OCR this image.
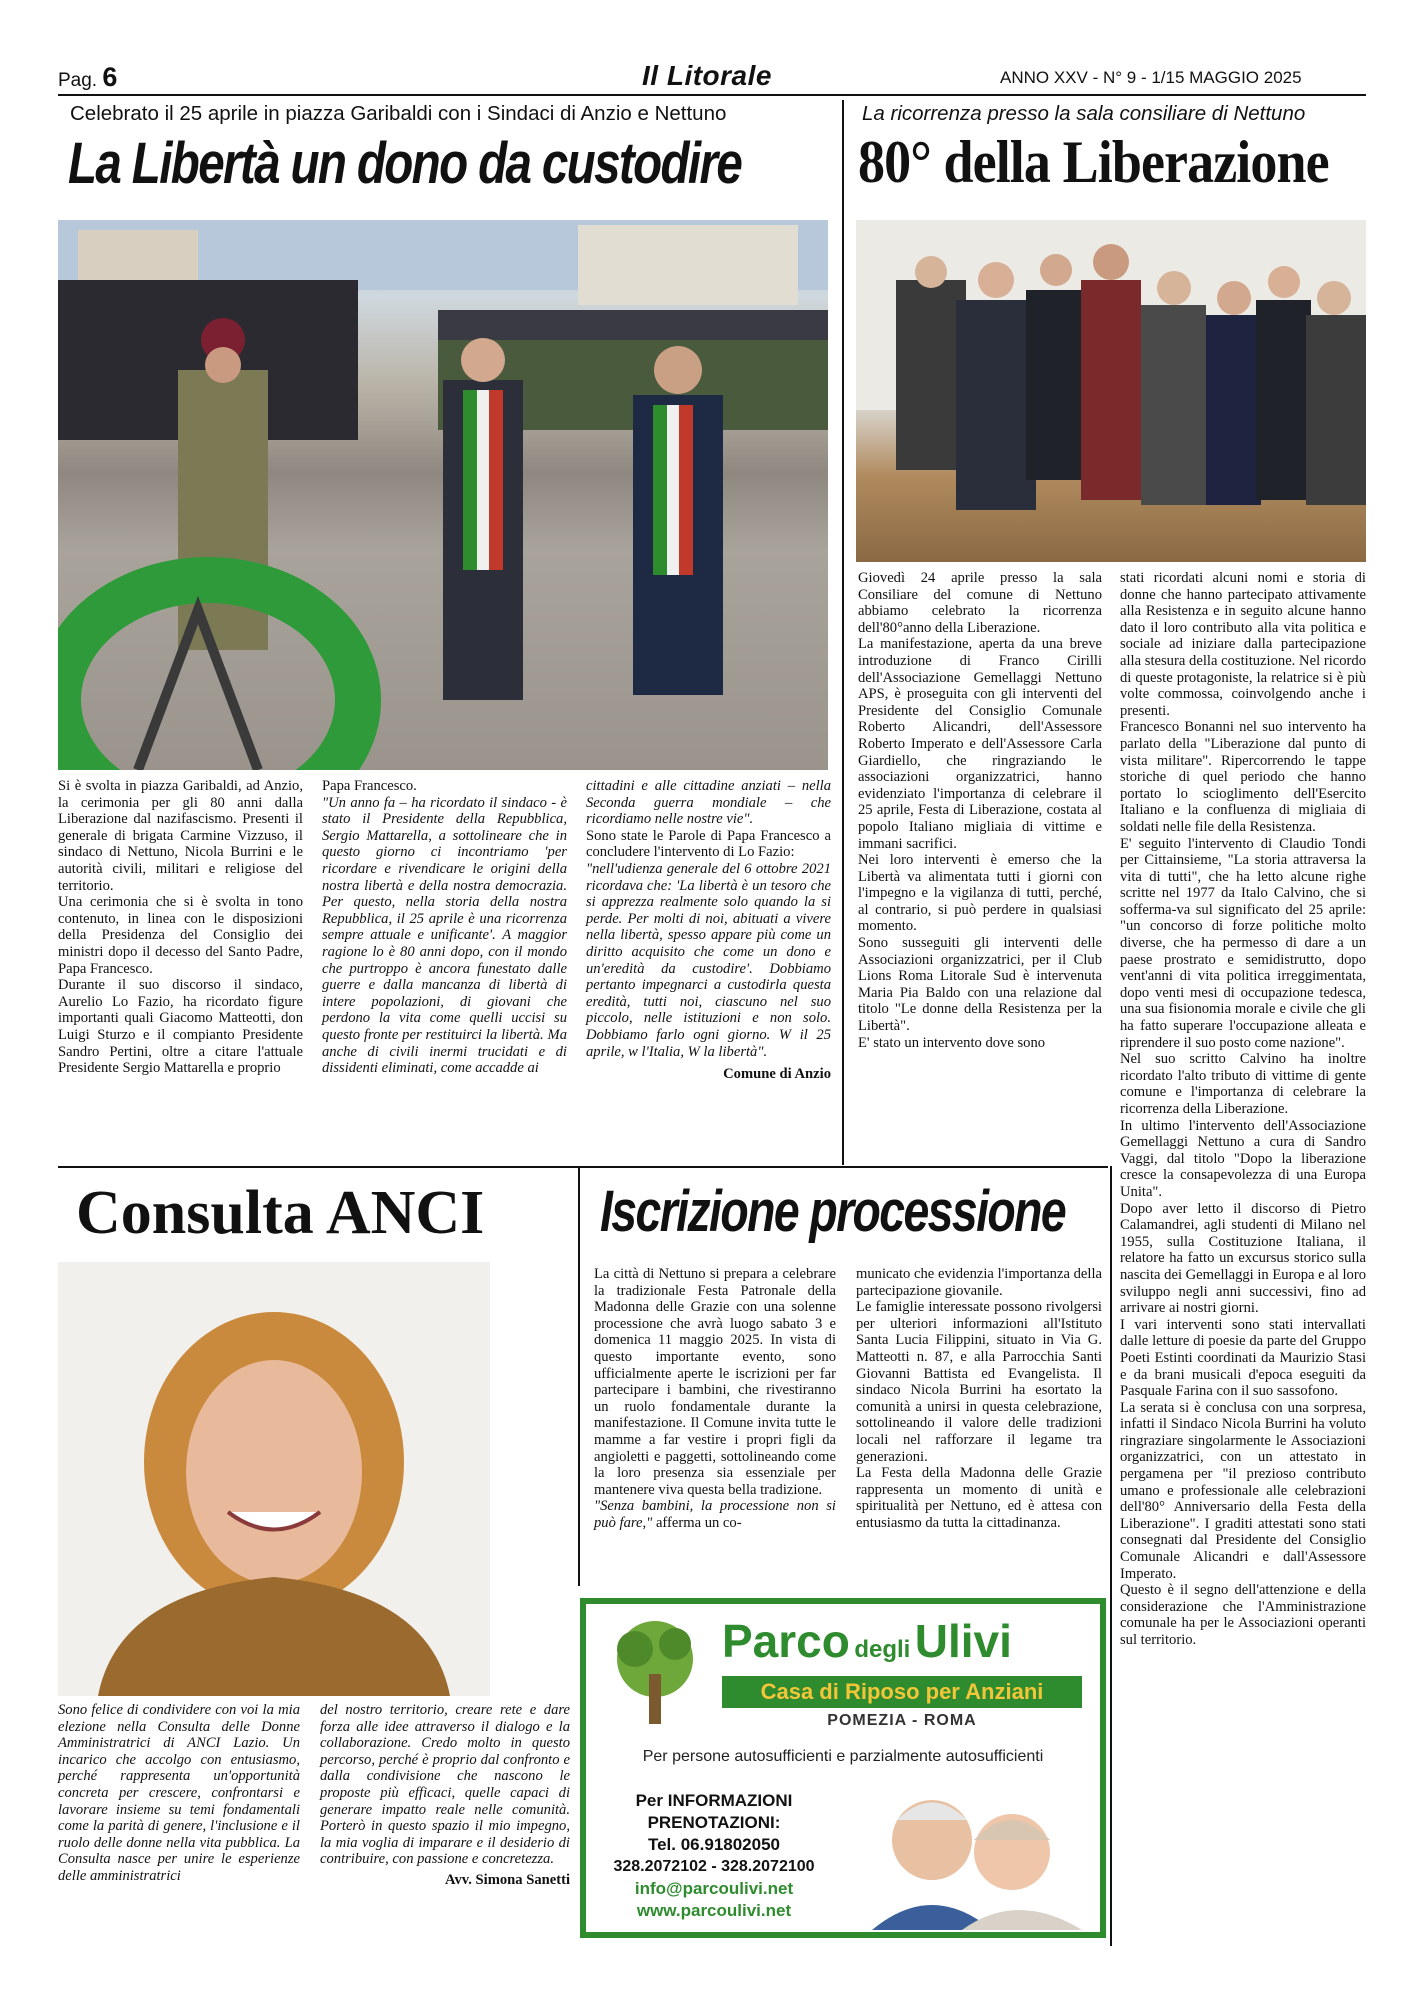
Pag. 6	Il Litorale	ANNO XXV - N° 9 - 1/15 MAGGIO 2025
Celebrato il 25 aprile in piazza Garibaldi con i Sindaci di Anzio e Nettuno
La Libertà un dono da custodire

Si è svolta in piazza Garibaldi, ad Anzio, la cerimonia per gli 80 anni dalla Liberazione dal nazifascismo. Presenti il generale di brigata Carmine Vizzuso, il sindaco di Nettuno, Nicola Burrini e le autorità civili, militari e religiose del territorio.

Una cerimonia che si è svolta in tono contenuto, in linea con le disposizioni della Presidenza del Consiglio dei ministri dopo il decesso del Santo Padre, Papa Francesco.

Durante il suo discorso il sindaco, Aurelio Lo Fazio, ha ricordato figure importanti quali Giacomo Matteotti, don Luigi Sturzo e il compianto Presidente Sandro Pertini, oltre a citare l'attuale Presidente Sergio Mattarella e proprio

Papa Francesco.

"Un anno fa – ha ricordato il sindaco - è stato il Presidente della Repubblica, Sergio Mattarella, a sottolineare che in questo giorno ci incontriamo 'per ricordare e rivendicare le origini della nostra libertà e della nostra democrazia. Per questo, nella storia della nostra Repubblica, il 25 aprile è una ricorrenza sempre attuale e unificante'. A maggior ragione lo è 80 anni dopo, con il mondo che purtroppo è ancora funestato dalle guerre e dalla mancanza di libertà di intere popolazioni, di giovani che perdono la vita come quelli uccisi su questo fronte per restituirci la libertà. Ma anche di civili inermi trucidati e di dissidenti eliminati, come accadde ai

cittadini e alle cittadine anziati – nella Seconda guerra mondiale – che ricordiamo nelle nostre vie".

Sono state le Parole di Papa Francesco a concludere l'intervento di Lo Fazio:

"nell'udienza generale del 6 ottobre 2021 ricordava che: 'La libertà è un tesoro che si apprezza realmente solo quando la si perde. Per molti di noi, abituati a vivere nella libertà, spesso appare più come un diritto acquisito che come un dono e un'eredità da custodire'. Dobbiamo pertanto impegnarci a custodirla questa eredità, tutti noi, ciascuno nel suo piccolo, nelle istituzioni e non solo. Dobbiamo farlo ogni giorno. W il 25 aprile, w l'Italia, W la libertà".

Comune di Anzio

La ricorrenza presso la sala consiliare di Nettuno
80° della Liberazione

Giovedì 24 aprile presso la sala Consiliare del comune di Nettuno abbiamo celebrato la ricorrenza dell'80°anno della Liberazione.

La manifestazione, aperta da una breve introduzione di Franco Cirilli dell'Associazione Gemellaggi Nettuno APS, è proseguita con gli interventi del Presidente del Consiglio Comunale Roberto Alicandri, dell'Assessore Roberto Imperato e dell'Assessore Carla Giardiello, che ringraziando le associazioni organizzatrici, hanno evidenziato l'importanza di celebrare il 25 aprile, Festa di Liberazione, costata al popolo Italiano migliaia di vittime e immani sacrifici.

Nei loro interventi è emerso che la Libertà va alimentata tutti i giorni con l'impegno e la vigilanza di tutti, perché, al contrario, si può perdere in qualsiasi momento.

Sono susseguiti gli interventi delle Associazioni organizzatrici, per il Club Lions Roma Litorale Sud è intervenuta Maria Pia Baldo con una relazione dal titolo "Le donne della Resistenza per la Libertà".

E' stato un intervento dove sono

stati ricordati alcuni nomi e storia di donne che hanno partecipato attivamente alla Resistenza e in seguito alcune hanno dato il loro contributo alla vita politica e sociale ad iniziare dalla partecipazione alla stesura della costituzione. Nel ricordo di queste protagoniste, la relatrice si è più volte commossa, coinvolgendo anche i presenti.

Francesco Bonanni nel suo intervento ha parlato della "Liberazione dal punto di vista militare". Ripercorrendo le tappe storiche di quel periodo che hanno portato lo scioglimento dell'Esercito Italiano e la confluenza di migliaia di soldati nelle file della Resistenza.

E' seguito l'intervento di Claudio Tondi per Cittainsieme, "La storia attraversa la vita di tutti", che ha letto alcune righe scritte nel 1977 da Italo Calvino, che si sofferma-va sul significato del 25 aprile: "un concorso di forze politiche molto diverse, che ha permesso di dare a un paese prostrato e semidistrutto, dopo vent'anni di vita politica irreggimentata, dopo venti mesi di occupazione tedesca, una sua fisionomia morale e civile che gli ha fatto superare l'occupazione alleata e riprendere il suo posto come nazione".

Nel suo scritto Calvino ha inoltre ricordato l'alto tributo di vittime di gente comune e l'importanza di celebrare la ricorrenza della Liberazione.

In ultimo l'intervento dell'Associazione Gemellaggi Nettuno a cura di Sandro Vaggi, dal titolo "Dopo la liberazione cresce la consapevolezza di una Europa Unita".

Dopo aver letto il discorso di Pietro Calamandrei, agli studenti di Milano nel 1955, sulla Costituzione Italiana, il relatore ha fatto un excursus storico sulla nascita dei Gemellaggi in Europa e al loro sviluppo negli anni successivi, fino ad arrivare ai nostri giorni.

I vari interventi sono stati intervallati dalle letture di poesie da parte del Gruppo Poeti Estinti coordinati da Maurizio Stasi e da brani musicali d'epoca eseguiti da Pasquale Farina con il suo sassofono.

La serata si è conclusa con una sorpresa, infatti il Sindaco Nicola Burrini ha voluto ringraziare singolarmente le Associazioni organizzatrici, con un attestato in pergamena per "il prezioso contributo umano e professionale alle celebrazioni dell'80° Anniversario della Festa della Liberazione". I graditi attestati sono stati consegnati dal Presidente del Consiglio Comunale Alicandri e dall'Assessore Imperato.

Questo è il segno dell'attenzione e della considerazione che l'Amministrazione comunale ha per le Associazioni operanti sul territorio.

Consulta ANCI
Sono felice di condividere con voi la mia elezione nella Consulta delle Donne Amministratrici di ANCI Lazio. Un incarico che accolgo con entusiasmo, perché rappresenta un'opportunità concreta per crescere, confrontarsi e lavorare insieme su temi fondamentali come la parità di genere, l'inclusione e il ruolo delle donne nella vita pubblica. La Consulta nasce per unire le esperienze delle amministratrici

del nostro territorio, creare rete e dare forza alle idee attraverso il dialogo e la collaborazione. Credo molto in questo percorso, perché è proprio dal confronto e dalla condivisione che nascono le proposte più efficaci, quelle capaci di generare impatto reale nelle comunità. Porterò in questo spazio il mio impegno, la mia voglia di imparare e il desiderio di contribuire, con passione e concretezza.

Avv. Simona Sanetti

Iscrizione processione

La città di Nettuno si prepara a celebrare la tradizionale Festa Patronale della Madonna delle Grazie con una solenne processione che avrà luogo sabato 3 e domenica 11 maggio 2025. In vista di questo importante evento, sono ufficialmente aperte le iscrizioni per far partecipare i bambini, che rivestiranno un ruolo fondamentale durante la manifestazione. Il Comune invita tutte le mamme a far vestire i propri figli da angioletti e paggetti, sottolineando come la loro presenza sia essenziale per mantenere viva questa bella tradizione.

"Senza bambini, la processione non si può fare," afferma un co-

municato che evidenzia l'importanza della partecipazione giovanile.

Le famiglie interessate possono rivolgersi per ulteriori informazioni all'Istituto Santa Lucia Filippini, situato in Via G. Matteotti n. 87, e alla Parrocchia Santi Giovanni Battista ed Evangelista. Il sindaco Nicola Burrini ha esortato la comunità a unirsi in questa celebrazione, sottolineando il valore delle tradizioni locali nel rafforzare il legame tra generazioni.

La Festa della Madonna delle Grazie rappresenta un momento di unità e spiritualità per Nettuno, ed è attesa con entusiasmo da tutta la cittadinanza.

Parco degli Ulivi
Casa di Riposo per Anziani
POMEZIA - ROMA
Per persone autosufficienti e parzialmente autosufficienti
Per INFORMAZIONI
PRENOTAZIONI:
Tel. 06.91802050
328.2072102 - 328.2072100
info@parcoulivi.net
www.parcoulivi.net
